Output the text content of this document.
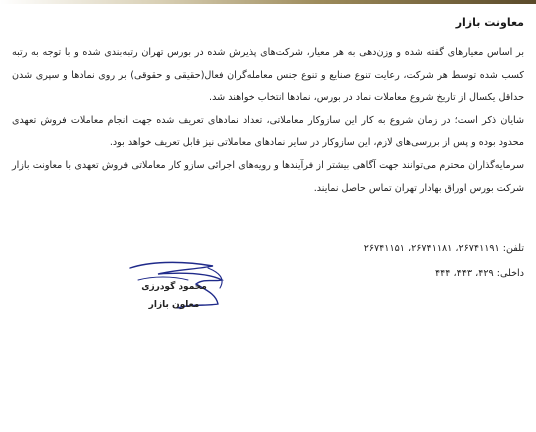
معاونت بازار

بر اساس معیارهای گفته شده و وزن‌دهی به هر معیار، شرکت‌های پذیرش شده در بورس تهران رتبه‌بندی شده و با توجه به رتبه کسب شده توسط هر شرکت، رعایت تنوع صنایع و تنوع جنس معامله‌گران فعال(حقیقی و حقوقی) بر روی نمادها و سپری شدن حداقل یکسال از تاریخ شروع معاملات نماد در بورس، نمادها انتخاب خواهند شد.

شایان ذکر است؛ در زمان شروع به کار این سازوکار معاملاتی، تعداد نمادهای تعریف شده جهت انجام معاملات فروش تعهدی محدود بوده و پس از بررسی‌های لازم، این سازوکار در سایر نمادهای معاملاتی نیز قابل تعریف خواهد بود.

سرمایه‌گذاران محترم می‌توانند جهت آگاهی بیشتر از فرآیندها و رویه‌های اجرائی سازو کار معاملاتی فروش تعهدی با معاونت بازار شرکت بورس اوراق بهادار تهران تماس حاصل نمایند.

تلفن: ۲۶۷۴۱۱۹۱، ۲۶۷۴۱۱۸۱، ۲۶۷۴۱۱۵۱
داخلی: ۴۲۹، ۴۴۳، ۴۴۴
محمود گودرزی
معاون بازار
